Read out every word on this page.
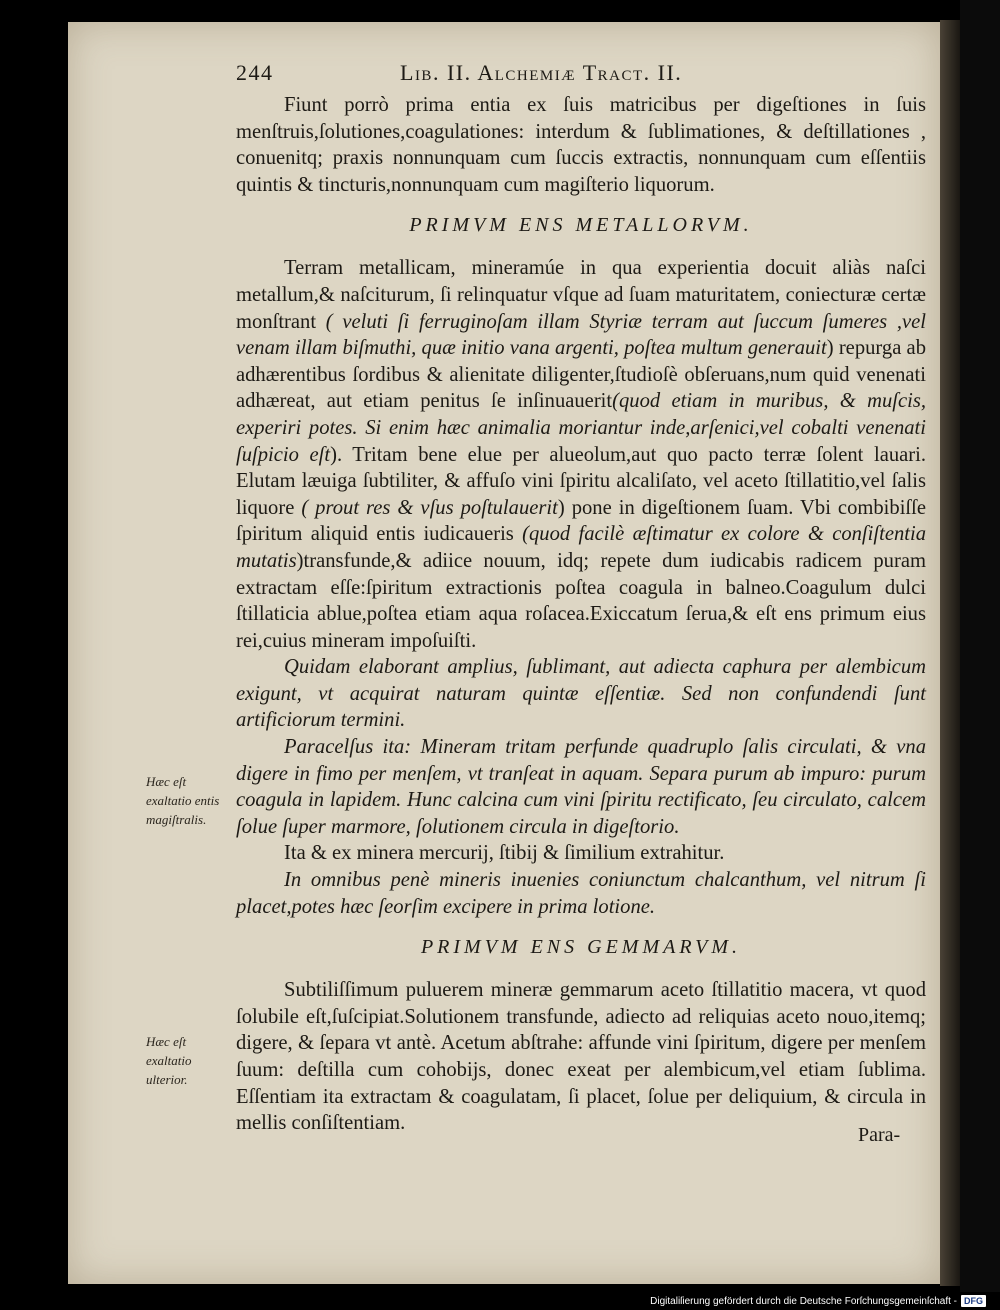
244	Lib. II. Alchemiæ Tract. II.

Fiunt porrò prima entia ex ſuis matricibus per digeſtiones in ſuis menſtruis,ſolutiones,coagulationes: interdum & ſublimationes, & deſtillationes , conuenitq; praxis nonnunquam cum ſuccis extractis, nonnunquam cum eſſentiis quintis & tincturis,nonnunquam cum magiſterio liquorum.

PRIMVM ENS METALLORVM.

Terram metallicam, mineramúe in qua experientia docuit aliàs naſci metallum,& naſciturum, ſi relinquatur vſque ad ſuam maturitatem, coniecturæ certæ monſtrant ( veluti ſi ferruginoſam illam Styriæ terram aut ſuccum ſumeres ,vel venam illam biſmuthi, quæ initio vana argenti, poſtea multum generauit) repurga ab adhærentibus ſordibus & alienitate diligenter,ſtudioſè obſeruans,num quid venenati adhæreat, aut etiam penitus ſe inſinuauerit(quod etiam in muribus, & muſcis, experiri potes. Si enim hæc animalia moriantur inde,arſenici,vel cobalti venenati ſuſpicio eſt). Tritam bene elue per alueolum,aut quo pacto terræ ſolent lauari. Elutam læuiga ſubtiliter, & affuſo vini ſpiritu alcaliſato, vel aceto ſtillatitio,vel ſalis liquore ( prout res & vſus poſtulauerit) pone in digeſtionem ſuam. Vbi combibiſſe ſpiritum aliquid entis iudicaueris (quod facilè æſtimatur ex colore & conſiſtentia mutatis)transfunde,& adiice nouum, idq; repete dum iudicabis radicem puram extractam eſſe:ſpiritum extractionis poſtea coagula in balneo.Coagulum dulci ſtillaticia ablue,poſtea etiam aqua roſacea.Exiccatum ſerua,& eſt ens primum eius rei,cuius mineram impoſuiſti.

Quidam elaborant amplius, ſublimant, aut adiecta caphura per alembicum exigunt, vt acquirat naturam quintæ eſſentiæ. Sed non confundendi ſunt artificiorum termini.

Paracelſus ita: Mineram tritam perfunde quadruplo ſalis circulati, & vna digere in fimo per menſem, vt tranſeat in aquam. Separa purum ab impuro: purum coagula in lapidem. Hunc calcina cum vini ſpiritu rectificato, ſeu circulato, calcem ſolue ſuper marmore, ſolutionem circula in digeſtorio.

Ita & ex minera mercurij, ſtibij & ſimilium extrahitur.

In omnibus penè mineris inuenies coniunctum chalcanthum, vel nitrum ſi placet,potes hæc ſeorſim excipere in prima lotione.

PRIMVM ENS GEMMARVM.

Subtiliſſimum puluerem mineræ gemmarum aceto ſtillatitio macera, vt quod ſolubile eſt,ſuſcipiat.Solutionem transfunde, adiecto ad reliquias aceto nouo,itemq; digere, & ſepara vt antè. Acetum abſtrahe: affunde vini ſpiritum, digere per menſem ſuum: deſtilla cum cohobijs, donec exeat per alembicum,vel etiam ſublima. Eſſentiam ita extractam & coagulatam, ſi placet, ſolue per deliquium, & circula in mellis conſiſtentiam.

Hæc eſt exaltatio entis magiſtralis.
Hæc eſt exaltatio ulterior.
Para-
Digitaliſierung gefördert durch die Deutsche Forſchungsgemeinſchaft - DFG
